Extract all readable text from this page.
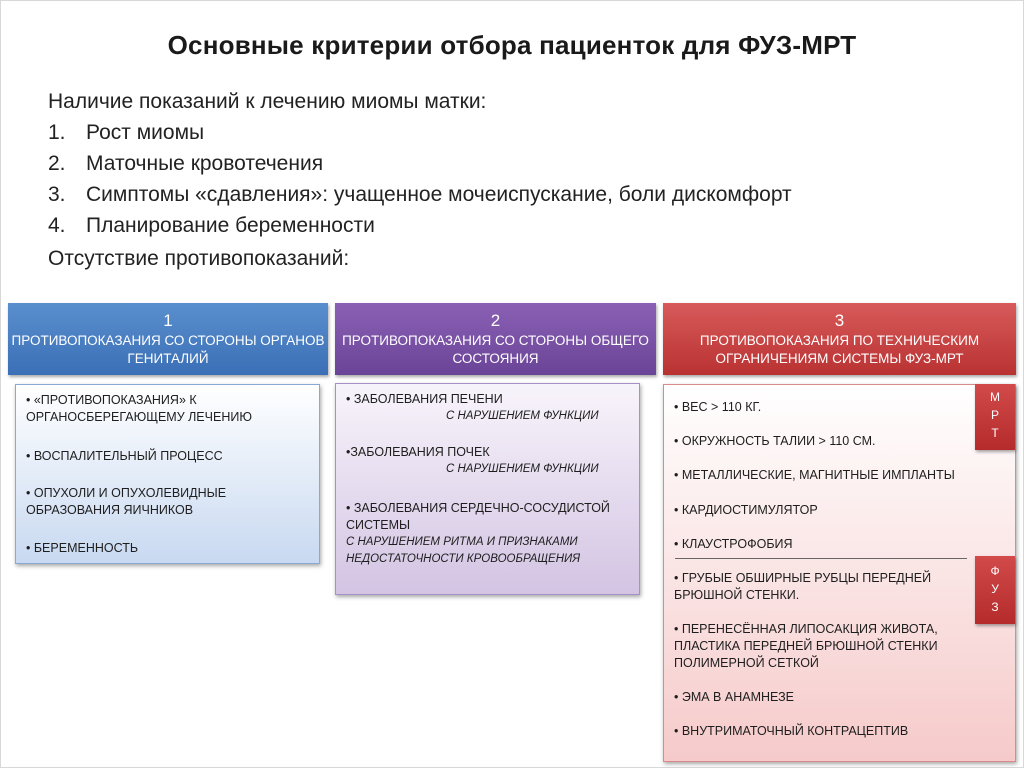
Основные критерии отбора пациенток для ФУЗ-МРТ

Наличие показаний к лечению миомы матки:

1. Рост миомы
2. Маточные кровотечения
3. Симптомы «сдавления»: учащенное мочеиспускание, боли дискомфорт
4. Планирование беременности
Отсутствие противопоказаний:
1
ПРОТИВОПОКАЗАНИЯ СО СТОРОНЫ ОРГАНОВ ГЕНИТАЛИЙ
• «ПРОТИВОПОКАЗАНИЯ» К ОРГАНОСБЕРЕГАЮЩЕМУ ЛЕЧЕНИЮ
• ВОСПАЛИТЕЛЬНЫЙ ПРОЦЕСС
• ОПУХОЛИ И ОПУХОЛЕВИДНЫЕ ОБРАЗОВАНИЯ ЯИЧНИКОВ
• БЕРЕМЕННОСТЬ
2
ПРОТИВОПОКАЗАНИЯ СО СТОРОНЫ ОБЩЕГО СОСТОЯНИЯ
• ЗАБОЛЕВАНИЯ ПЕЧЕНИ
С НАРУШЕНИЕМ ФУНКЦИИ
•ЗАБОЛЕВАНИЯ ПОЧЕК
С НАРУШЕНИЕМ ФУНКЦИИ
• ЗАБОЛЕВАНИЯ СЕРДЕЧНО-СОСУДИСТОЙ СИСТЕМЫ
С НАРУШЕНИЕМ РИТМА И ПРИЗНАКАМИ НЕДОСТАТОЧНОСТИ КРОВООБРАЩЕНИЯ
3
ПРОТИВОПОКАЗАНИЯ ПО ТЕХНИЧЕСКИМ ОГРАНИЧЕНИЯМ СИСТЕМЫ ФУЗ-МРТ
• ВЕС > 110 КГ.
• ОКРУЖНОСТЬ ТАЛИИ > 110 СМ.
• МЕТАЛЛИЧЕСКИЕ, МАГНИТНЫЕ ИМПЛАНТЫ
• КАРДИОСТИМУЛЯТОР
• КЛАУСТРОФОБИЯ
• ГРУБЫЕ ОБШИРНЫЕ РУБЦЫ ПЕРЕДНЕЙ БРЮШНОЙ СТЕНКИ.
• ПЕРЕНЕСЁННАЯ ЛИПОСАКЦИЯ ЖИВОТА, ПЛАСТИКА ПЕРЕДНЕЙ БРЮШНОЙ СТЕНКИ ПОЛИМЕРНОЙ СЕТКОЙ
• ЭМА В АНАМНЕЗЕ
• ВНУТРИМАТОЧНЫЙ КОНТРАЦЕПТИВ
М
Р
Т
Ф
У
З
